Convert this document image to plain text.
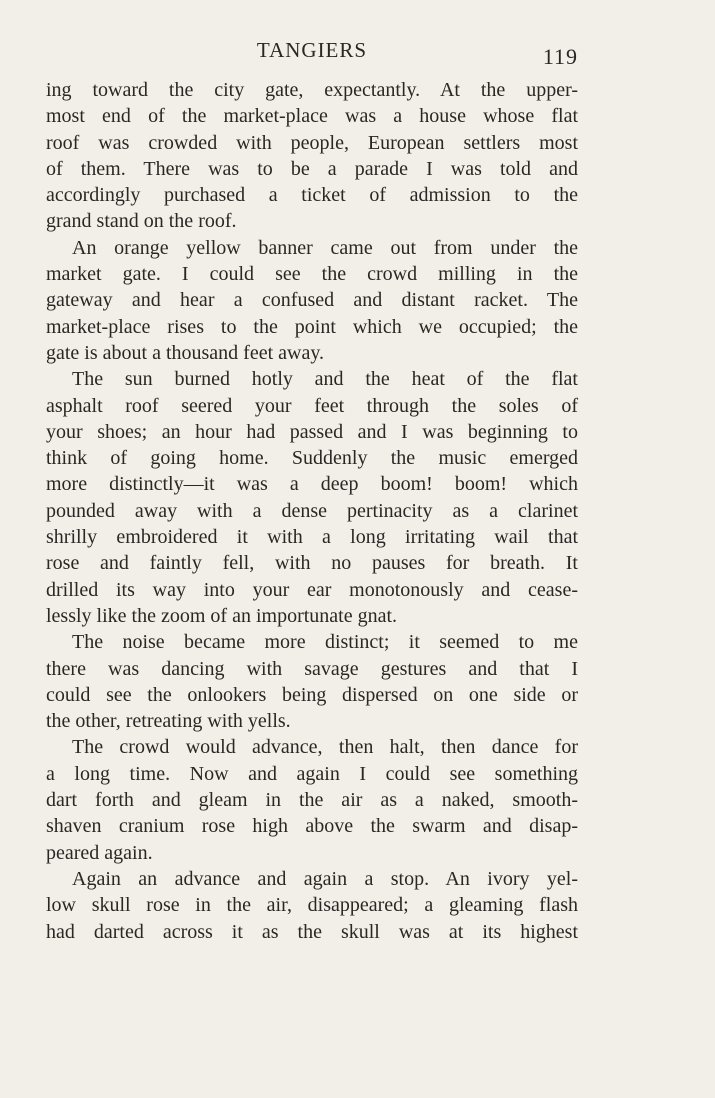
TANGIERS	119
ing toward the city gate, expectantly. At the upper-
most end of the market-place was a house whose flat
roof was crowded with people, European settlers most
of them. There was to be a parade I was told and
accordingly purchased a ticket of admission to the
grand stand on the roof.
An orange yellow banner came out from under the
market gate. I could see the crowd milling in the
gateway and hear a confused and distant racket. The
market-place rises to the point which we occupied; the
gate is about a thousand feet away.
The sun burned hotly and the heat of the flat
asphalt roof seered your feet through the soles of
your shoes; an hour had passed and I was beginning to
think of going home. Suddenly the music emerged
more distinctly—it was a deep boom! boom! which
pounded away with a dense pertinacity as a clarinet
shrilly embroidered it with a long irritating wail that
rose and faintly fell, with no pauses for breath. It
drilled its way into your ear monotonously and cease-
lessly like the zoom of an importunate gnat.
The noise became more distinct; it seemed to me
there was dancing with savage gestures and that I
could see the onlookers being dispersed on one side or
the other, retreating with yells.
The crowd would advance, then halt, then dance for
a long time. Now and again I could see something
dart forth and gleam in the air as a naked, smooth-
shaven cranium rose high above the swarm and disap-
peared again.
Again an advance and again a stop. An ivory yel-
low skull rose in the air, disappeared; a gleaming flash
had darted across it as the skull was at its highest
